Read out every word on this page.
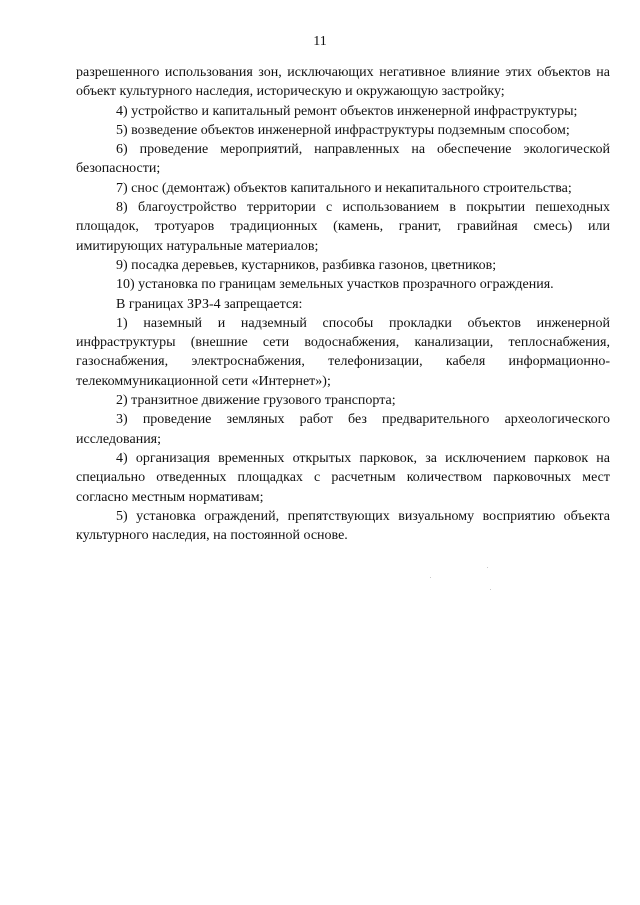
11

разрешенного использования зон, исключающих негативное влияние этих объектов на объект культурного наследия, историческую и окружающую застройку;

4) устройство и капитальный ремонт объектов инженерной инфраструктуры;

5) возведение объектов инженерной инфраструктуры подземным способом;

6) проведение мероприятий, направленных на обеспечение экологической безопасности;

7) снос (демонтаж) объектов капитального и некапитального строительства;

8) благоустройство территории с использованием в покрытии пешеходных площадок, тротуаров традиционных (камень, гранит, гравийная смесь) или имитирующих натуральные материалов;

9) посадка деревьев, кустарников, разбивка газонов, цветников;

10) установка по границам земельных участков прозрачного ограждения.

В границах ЗРЗ-4 запрещается:

1) наземный и надземный способы прокладки объектов инженерной инфраструктуры (внешние сети водоснабжения, канализации, теплоснабжения, газоснабжения, электроснабжения, телефонизации, кабеля информационно-телекоммуникационной сети «Интернет»);

2) транзитное движение грузового транспорта;

3) проведение земляных работ без предварительного археологического исследования;

4) организация временных открытых парковок, за исключением парковок на специально отведенных площадках с расчетным количеством парковочных мест согласно местным нормативам;

5) установка ограждений, препятствующих визуальному восприятию объекта культурного наследия, на постоянной основе.
